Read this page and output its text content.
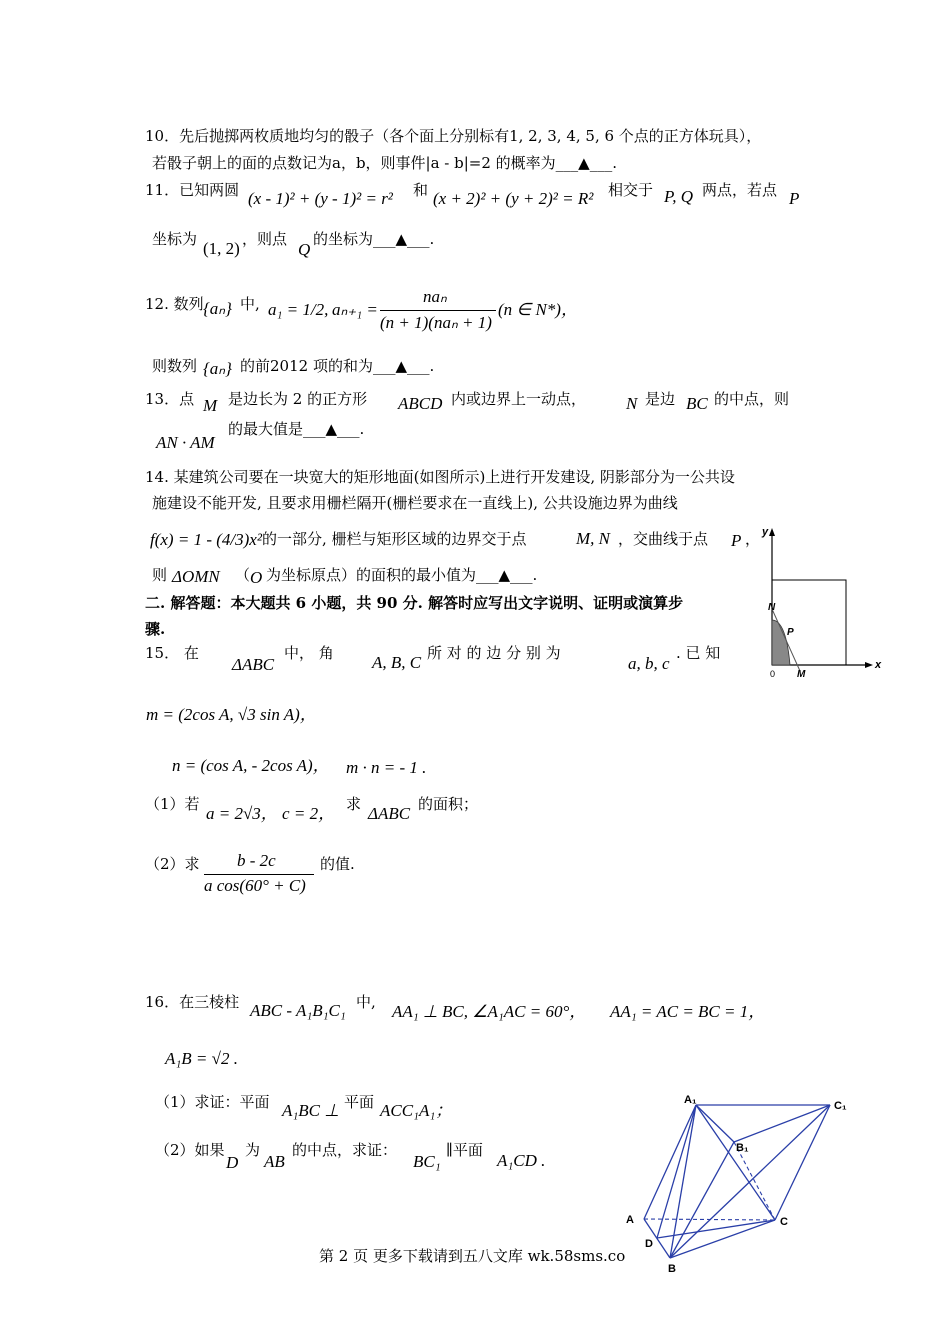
10．先后抛掷两枚质地均匀的骰子（各个面上分别标有1, 2, 3, 4, 5, 6 个点的正方体玩具），
若骰子朝上的面的点数记为a，b，则事件|a - b|=2 的概率为___▲___.
11．已知两圆 (x - 1)² + (y - 1)² = r² 和 (x + 2)² + (y + 2)² = R² 相交于 P, Q 两点，若点 P
坐标为 (1, 2) ，则点
Q
的坐标为___▲___.
12. 数列 {aₙ} 中, a₁ = 1/2, aₙ₊₁ =
naₙ
(n + 1)(naₙ + 1)
(n ∈ N*)，
则数列 {aₙ} 的前2012 项的和为___▲___.
13．点 M 是边长为 2 的正方形 ABCD 内或边界上一动点， N 是边 BC 的中点，则
AN · AM
的最大值是___▲___.
14. 某建筑公司要在一块宽大的矩形地面(如图所示)上进行开发建设, 阴影部分为一公共设
施建设不能开发, 且要求用栅栏隔开(栅栏要求在一直线上), 公共设施边界为曲线
f(x) = 1 - (4/3)x² 的一部分, 栅栏与矩形区域的边界交于点	M, N ，交曲线于点 P ，
则 ΔOMN （ O 为坐标原点）的面积的最小值为___▲___.
二. 解答题：本大题共 6 小题，共 90 分. 解答时应写出文字说明、证明或演算步
骤.
15． 在
ΔABC
中， 角 A, B, C 所 对 的 边 分 别 为
a, b, c
. 已 知
m = (2cos A, √3 sin A)，
n = (cos A, - 2cos A)， m · n = - 1 .
（1）若 a = 2√3， c = 2， 求 ΔABC 的面积；
（2）求 b - 2c
a cos(60° + C)
的值.
16．在三棱柱 ABC - A₁B₁C₁ 中, AA₁ ⊥ BC, ∠A₁AC = 60°， AA₁ = AC = BC = 1，
A₁B = √2 .
（1）求证：平面 A₁BC ⊥ 平面 ACC₁A₁；
（2）如果
D
为
AB
的中点，求证：
BC₁
∥平面
A₁CD .
y
x
0
N
P
M
A₁	C₁
B₁
A	C
D
B
第 2 页 更多下载请到五八文库 wk.58sms.co
